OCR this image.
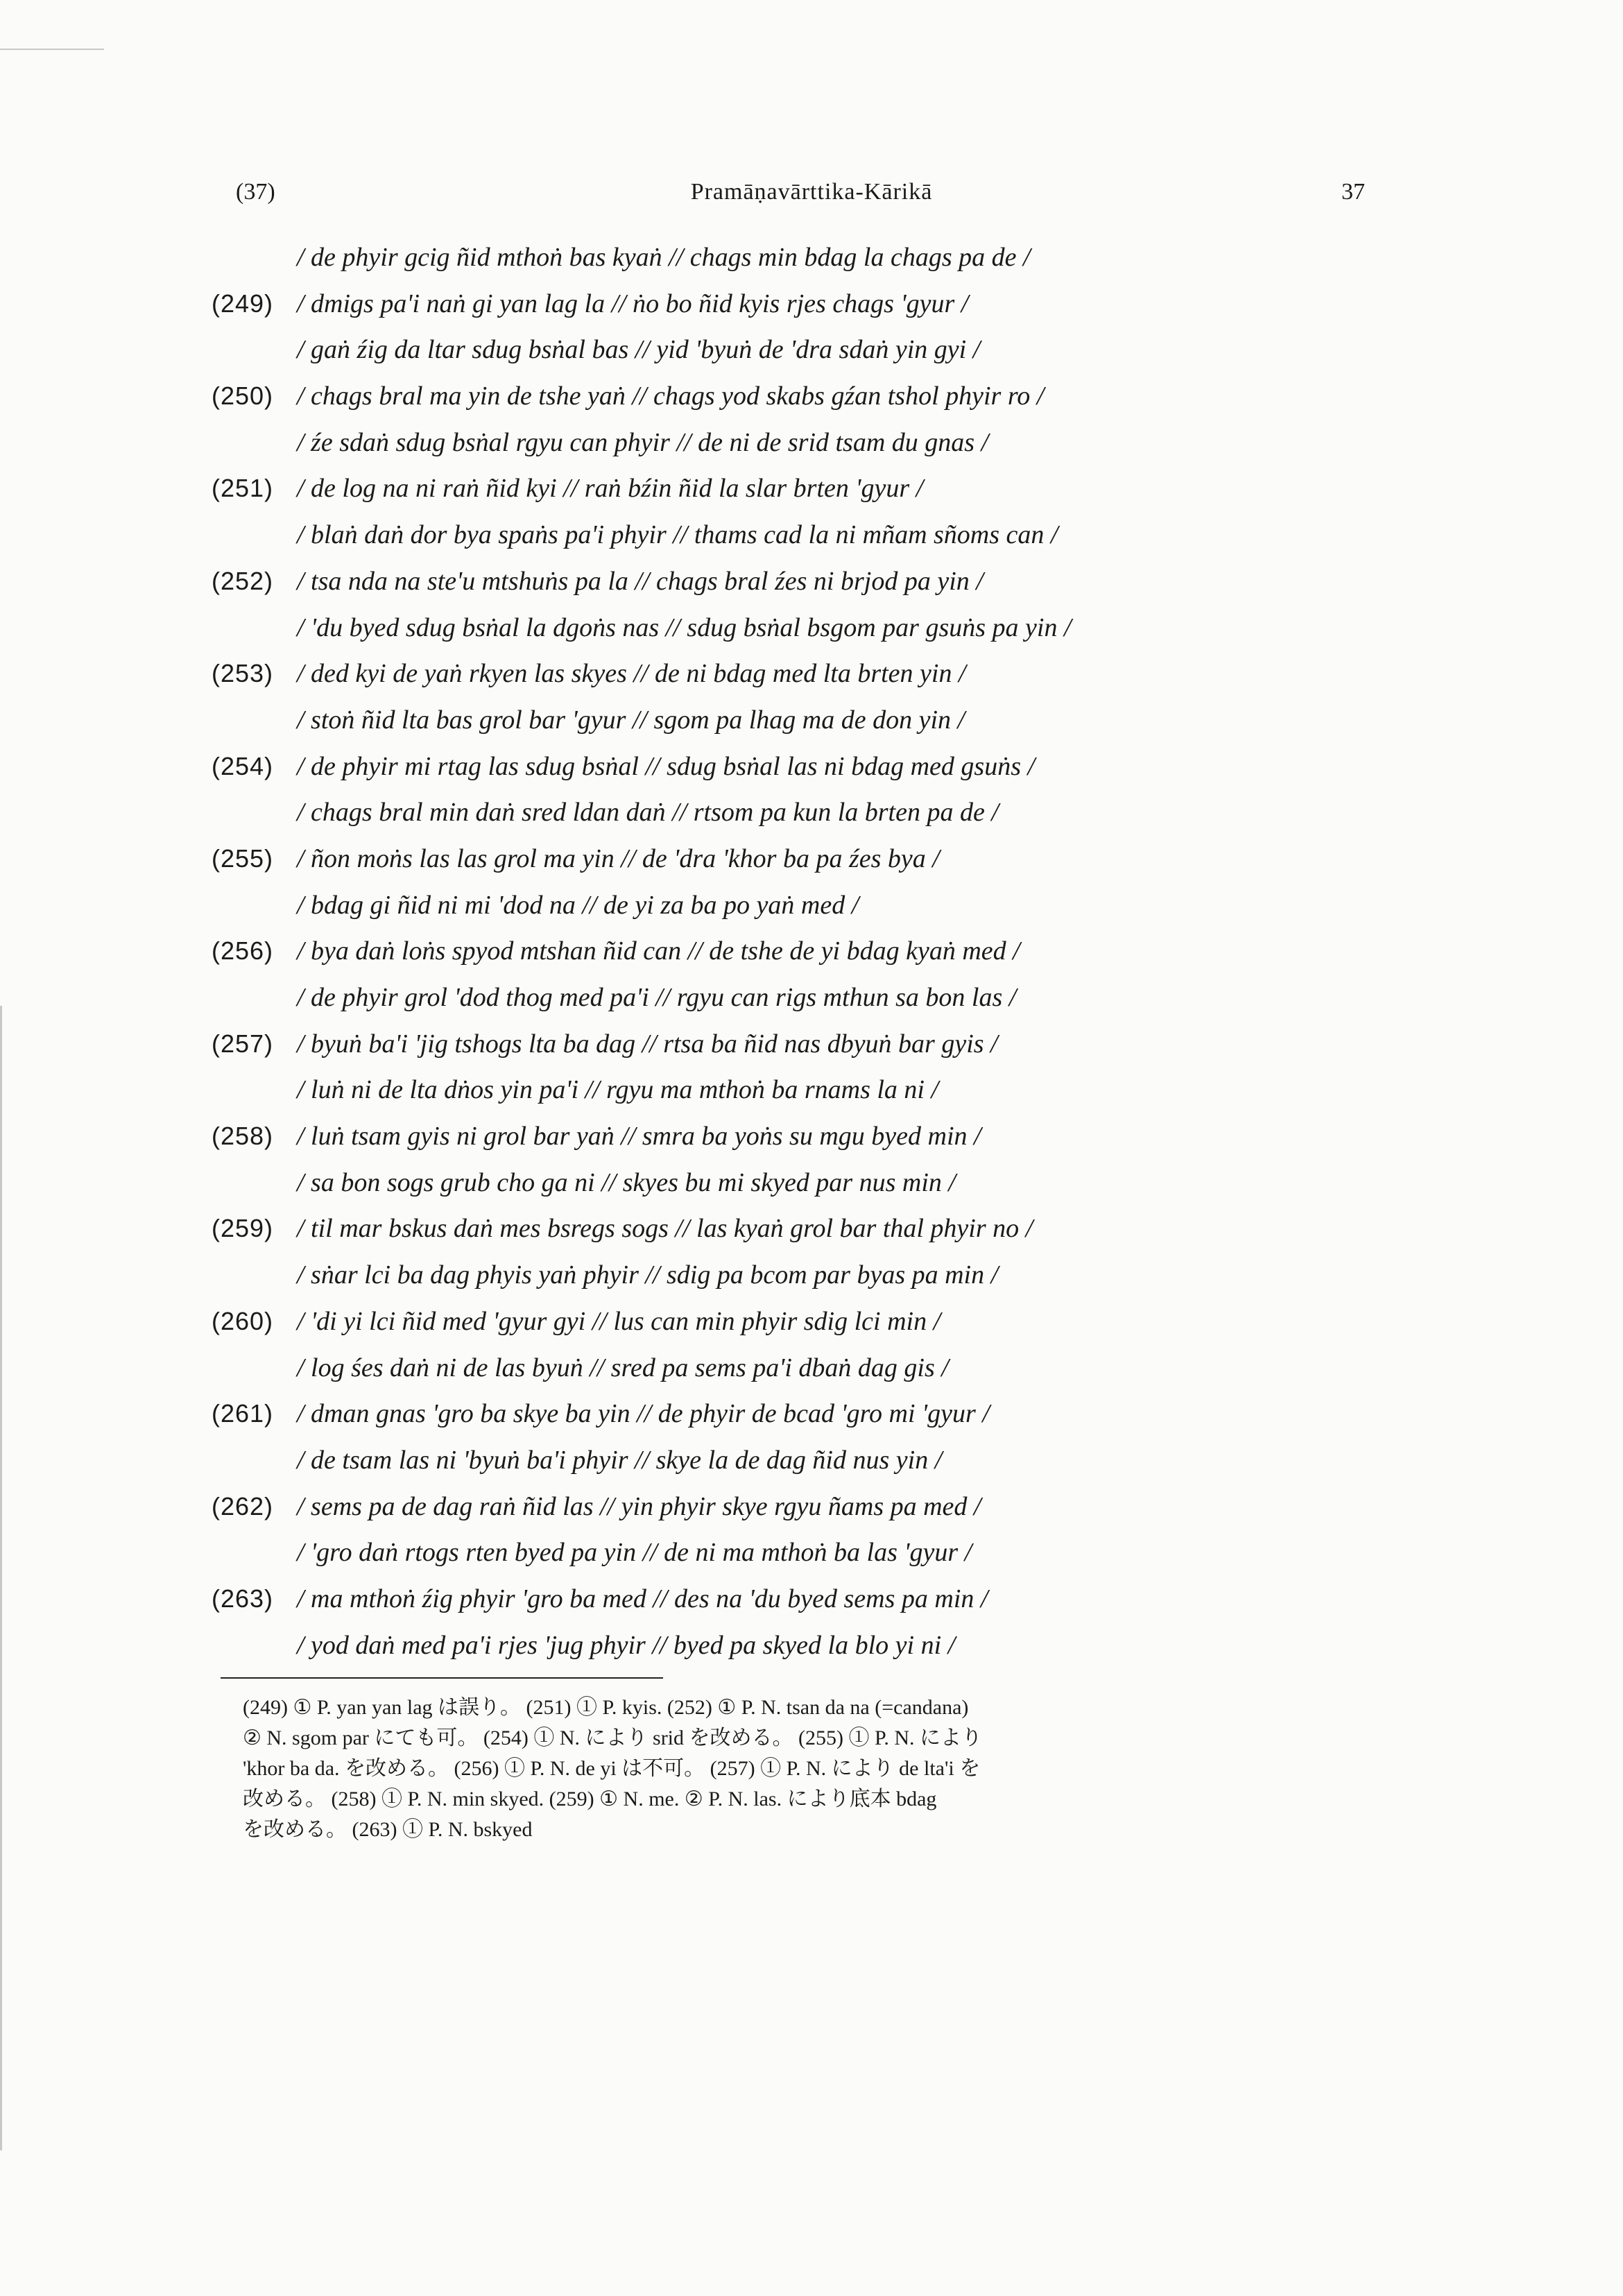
(37)	Pramāṇavārttika-Kārikā	37
/ de phyir gcig ñid mthoṅ bas kyaṅ // chags min bdag la chags pa de /
(249) / dmigs pa'i naṅ gi yan lag la // ṅo bo ñid kyis rjes chags 'gyur /
/ gaṅ źig da ltar sdug bsṅal bas // yid 'byuṅ de 'dra sdaṅ yin gyi /
(250) / chags bral ma yin de tshe yaṅ // chags yod skabs gźan tshol phyir ro /
/ źe sdaṅ sdug bsṅal rgyu can phyir // de ni de srid tsam du gnas /
(251) / de log na ni raṅ ñid kyi // raṅ bźin ñid la slar brten 'gyur /
/ blaṅ daṅ dor bya spaṅs pa'i phyir // thams cad la ni mñam sñoms can /
(252) / tsa nda na ste'u mtshuṅs pa la // chags bral źes ni brjod pa yin /
/ 'du byed sdug bsṅal la dgoṅs nas // sdug bsṅal bsgom par gsuṅs pa yin /
(253) / ded kyi de yaṅ rkyen las skyes // de ni bdag med lta brten yin /
/ stoṅ ñid lta bas grol bar 'gyur // sgom pa lhag ma de don yin /
(254) / de phyir mi rtag las sdug bsṅal // sdug bsṅal las ni bdag med gsuṅs /
/ chags bral min daṅ sred ldan daṅ // rtsom pa kun la brten pa de /
(255) / ñon moṅs las las grol ma yin // de 'dra 'khor ba pa źes bya /
/ bdag gi ñid ni mi 'dod na // de yi za ba po yaṅ med /
(256) / bya daṅ loṅs spyod mtshan ñid can // de tshe de yi bdag kyaṅ med /
/ de phyir grol 'dod thog med pa'i // rgyu can rigs mthun sa bon las /
(257) / byuṅ ba'i 'jig tshogs lta ba dag // rtsa ba ñid nas dbyuṅ bar gyis /
/ luṅ ni de lta dṅos yin pa'i // rgyu ma mthoṅ ba rnams la ni /
(258) / luṅ tsam gyis ni grol bar yaṅ // smra ba yoṅs su mgu byed min /
/ sa bon sogs grub cho ga ni // skyes bu mi skyed par nus min /
(259) / til mar bskus daṅ mes bsregs sogs // las kyaṅ grol bar thal phyir no /
/ sṅar lci ba dag phyis yaṅ phyir // sdig pa bcom par byas pa min /
(260) / 'di yi lci ñid med 'gyur gyi // lus can min phyir sdig lci min /
/ log śes daṅ ni de las byuṅ // sred pa sems pa'i dbaṅ dag gis /
(261) / dman gnas 'gro ba skye ba yin // de phyir de bcad 'gro mi 'gyur /
/ de tsam las ni 'byuṅ ba'i phyir // skye la de dag ñid nus yin /
(262) / sems pa de dag raṅ ñid las // yin phyir skye rgyu ñams pa med /
/ 'gro daṅ rtogs rten byed pa yin // de ni ma mthoṅ ba las 'gyur /
(263) / ma mthoṅ źig phyir 'gro ba med // des na 'du byed sems pa min /
/ yod daṅ med pa'i rjes 'jug phyir // byed pa skyed la blo yi ni /
(249) ① P. yan yan lag は誤り。 (251) ① P. kyis. (252) ① P. N. tsan da na (=candana)
② N. sgom par にても可。 (254) ① N. により srid を改める。 (255) ① P. N. により
'khor ba da. を改める。 (256) ① P. N. de yi は不可。 (257) ① P. N. により de lta'i を
改める。 (258) ① P. N. min skyed. (259) ① N. me. ② P. N. las. により底本 bdag
を改める。 (263) ① P. N. bskyed
